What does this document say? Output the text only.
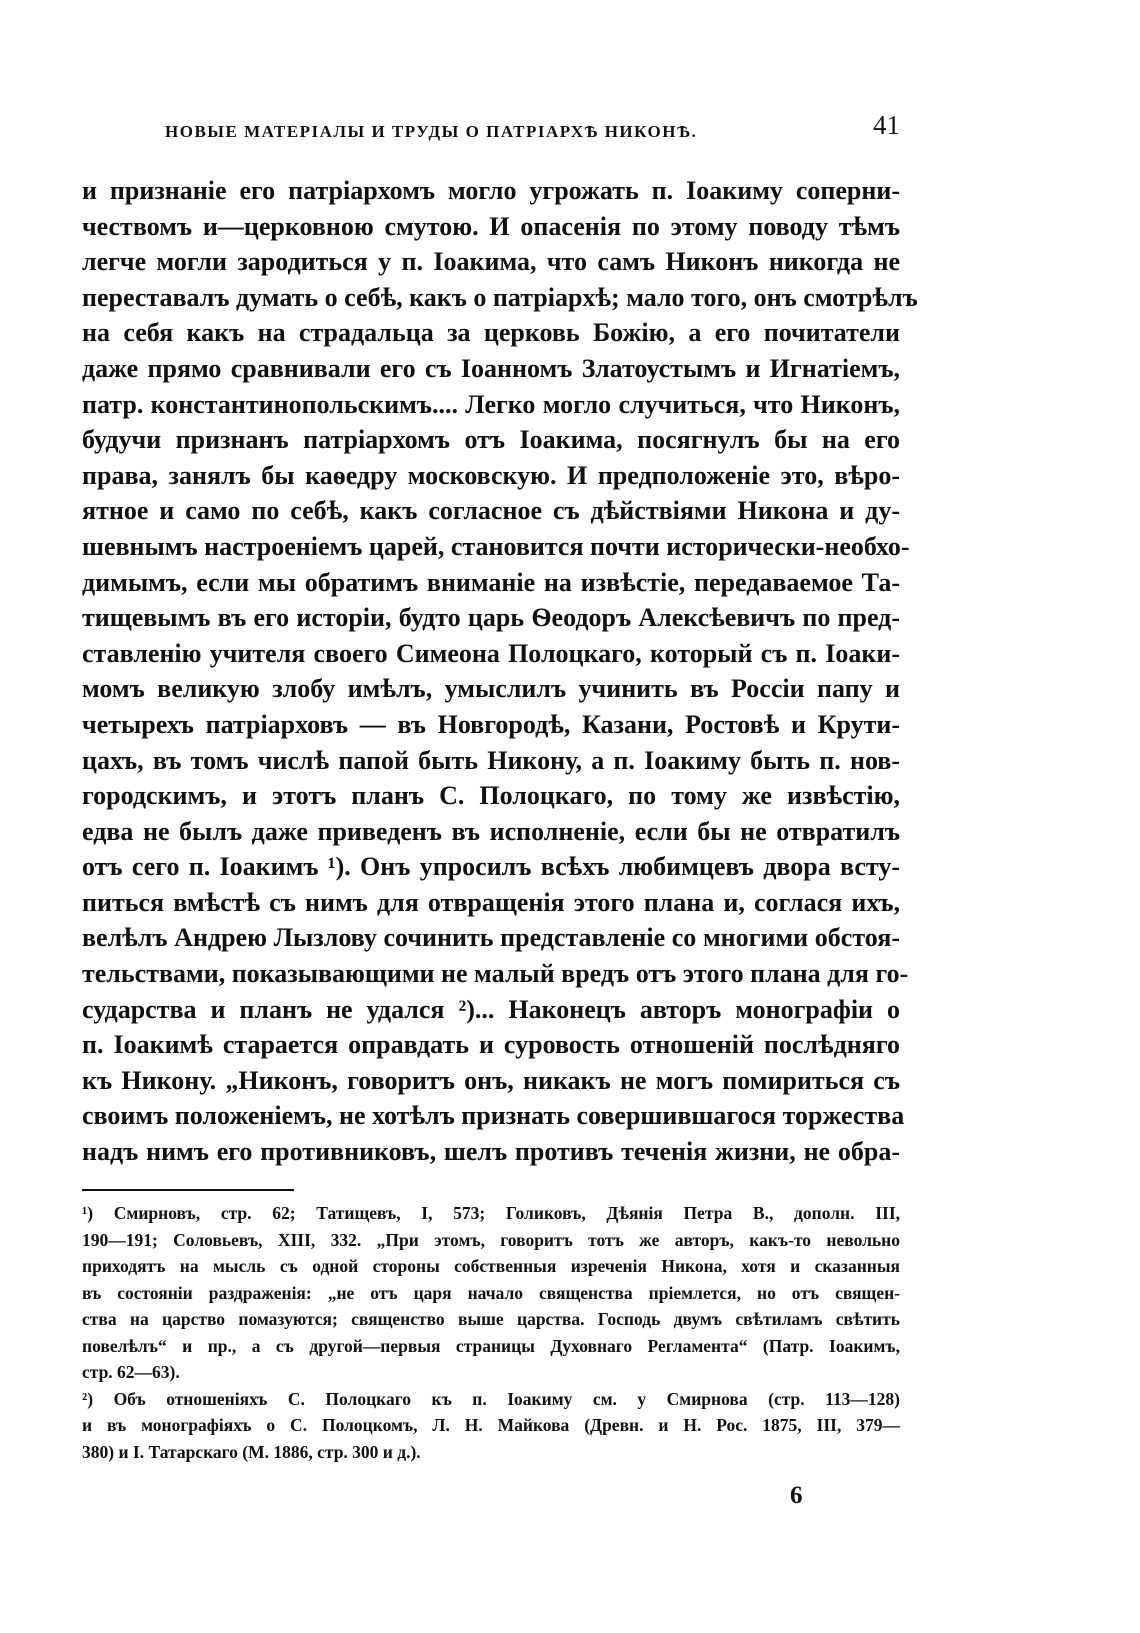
НОВЫЕ МАТЕРІАЛЫ И ТРУДЫ О ПАТРІАРХѢ НИКОНѢ.	41
и признаніе его патріархомъ могло угрожать п. Іоакиму соперни-
чествомъ и—церковною смутою. И опасенія по этому поводу тѣмъ
легче могли зародиться у п. Іоакима, что самъ Никонъ никогда не
переставалъ думать о себѣ, какъ о патріархѣ; мало того, онъ смотрѣлъ
на себя какъ на страдальца за церковь Божію, а его почитатели
даже прямо сравнивали его съ Іоанномъ Златоустымъ и Игнатіемъ,
патр. константинопольскимъ.... Легко могло случиться, что Никонъ,
будучи признанъ патріархомъ отъ Іоакима, посягнулъ бы на его
права, занялъ бы каѳедру московскую. И предположеніе это, вѣро-
ятное и само по себѣ, какъ согласное съ дѣйствіями Никона и ду-
шевнымъ настроеніемъ царей, становится почти исторически-необхо-
димымъ, если мы обратимъ вниманіе на извѣстіе, передаваемое Та-
тищевымъ въ его исторіи, будто царь Ѳеодоръ Алексѣевичъ по пред-
ставленію учителя своего Симеона Полоцкаго, который съ п. Іоаки-
момъ великую злобу имѣлъ, умыслилъ учинить въ Россіи папу и
четырехъ патріарховъ — въ Новгородѣ, Казани, Ростовѣ и Крути-
цахъ, въ томъ числѣ папой быть Никону, а п. Іоакиму быть п. нов-
городскимъ, и этотъ планъ С. Полоцкаго, по тому же извѣстію,
едва не былъ даже приведенъ въ исполненіе, если бы не отвратилъ
отъ сего п. Іоакимъ ¹). Онъ упросилъ всѣхъ любимцевъ двора всту-
питься вмѣстѣ съ нимъ для отвращенія этого плана и, соглася ихъ,
велѣлъ Андрею Лызлову сочинить представленіе со многими обстоя-
тельствами, показывающими не малый вредъ отъ этого плана для го-
сударства и планъ не удался ²)... Наконецъ авторъ монографіи о
п. Іоакимѣ старается оправдать и суровость отношеній послѣдняго
къ Никону. „Никонъ, говоритъ онъ, никакъ не могъ помириться съ
своимъ положеніемъ, не хотѣлъ признать совершившагося торжества
надъ нимъ его противниковъ, шелъ противъ теченія жизни, не обра-
¹) Смирновъ, стр. 62; Татищевъ, I, 573; Голиковъ, Дѣянія Петра В., дополн. III,
190—191; Соловьевъ, XIII, 332. „При этомъ, говоритъ тотъ же авторъ, какъ-то невольно
приходятъ на мысль съ одной стороны собственныя изреченія Никона, хотя и сказанныя
въ состояніи раздраженія: „не отъ царя начало священства пріемлется, но отъ священ-
ства на царство помазуются; священство выше царства. Господь двумъ свѣтиламъ свѣтить
повелѣлъ“ и пр., а съ другой—первыя страницы Духовнаго Регламента“ (Патр. Іоакимъ,
стр. 62—63).
²) Объ отношеніяхъ С. Полоцкаго къ п. Іоакиму см. у Смирнова (стр. 113—128)
и въ монографіяхъ о С. Полоцкомъ, Л. Н. Майкова (Древн. и Н. Рос. 1875, III, 379—
380) и І. Татарскаго (М. 1886, стр. 300 и д.).
6
